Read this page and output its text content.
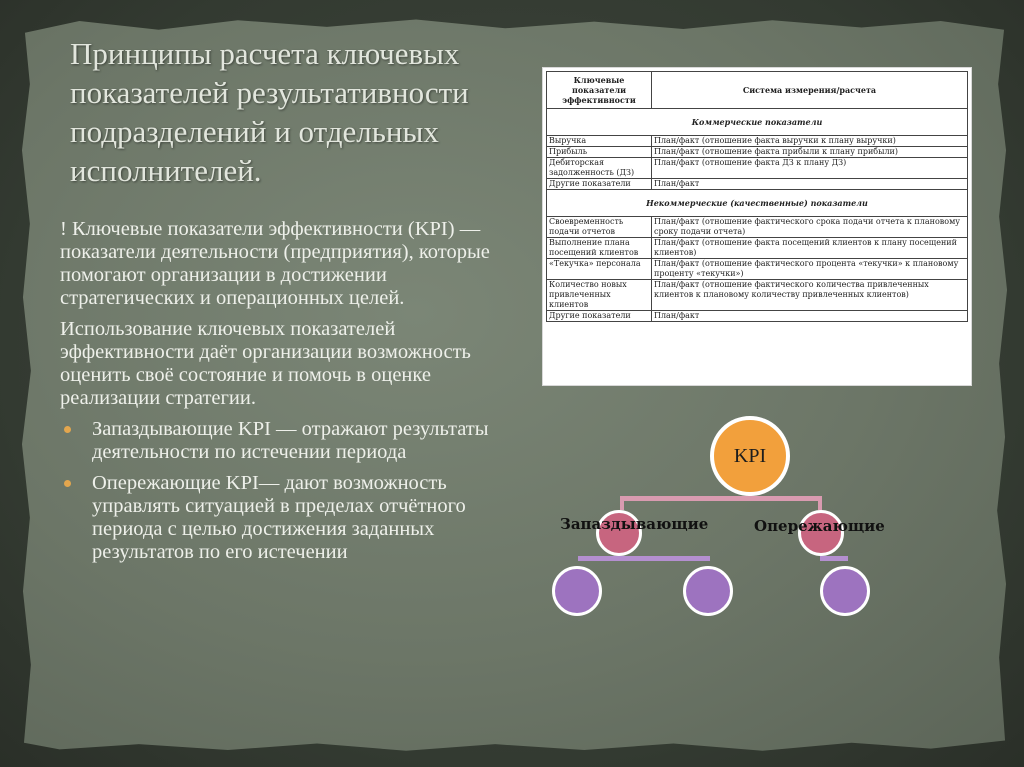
Принципы расчета ключевых показателей результативности подразделений и отдельных исполнителей.

! Ключевые показатели эффективности (KPI) — показатели деятельности (предприятия), которые помогают организации в достижении стратегических и операционных целей.

Использование ключевых показателей эффективности даёт организации возможность оценить своё состояние и помочь в оценке реализации стратегии.

Запаздывающие KPI — отражают результаты деятельности по истечении периода
Опережающие KPI— дают возможность управлять ситуацией в пределах отчётного периода с целью достижения заданных результатов по его истечении
Ключевые показатели эффективности	Система измерения/расчета
Коммерческие показатели	
Выручка	План/факт (отношение факта выручки к плану выручки)
Прибыль	План/факт (отношение факта прибыли к плану прибыли)
Дебиторская задолженность (ДЗ)	План/факт (отношение факта ДЗ к плану ДЗ)
Другие показатели	План/факт
Некоммерческие (качественные) показатели	
Своевременность подачи отчетов	План/факт (отношение фактического срока подачи отчета к плановому сроку подачи отчета)
Выполнение плана посещений клиентов	План/факт (отношение факта посещений клиентов к плану посещений клиентов)
«Текучка» персонала	План/факт (отношение фактического процента «текучки» к плановому проценту «текучки»)
Количество новых привлеченных клиентов	План/факт (отношение фактического количества привлеченных клиентов к плановому количеству привлеченных клиентов)
Другие показатели	План/факт
KPI
Запаздывающие	Опережающие
